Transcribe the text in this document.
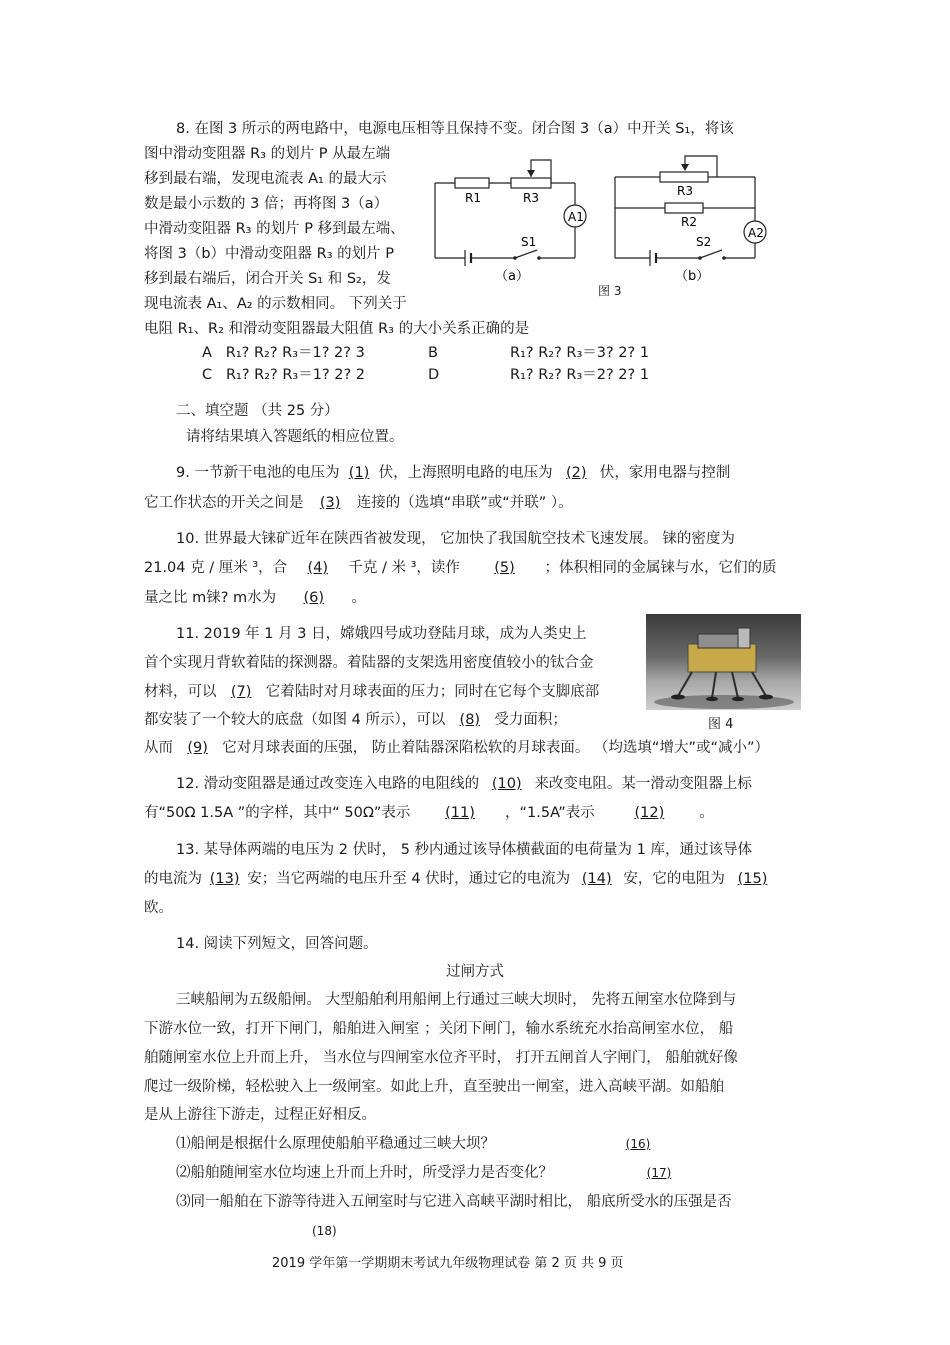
8. 在图 3 所示的两电路中，电源电压相等且保持不变。闭合图 3（a）中开关 S₁，将该
图中滑动变阻器 R₃ 的划片 P 从最左端
移到最右端，发现电流表 A₁ 的最大示
数是最小示数的 3 倍；再将图 3（a）
中滑动变阻器 R₃ 的划片 P 移到最左端、
将图 3（b）中滑动变阻器 R₃ 的划片 P
移到最右端后，闭合开关 S₁ 和 S₂，发
现电流表 A₁、A₂ 的示数相同。 下列关于
电阻 R₁、R₂ 和滑动变阻器最大阻值 R₃ 的大小关系正确的是
A R₁? R₂? R₃＝1? 2? 3	B	R₁? R₂? R₃＝3? 2? 1
C R₁? R₂? R₃＝1? 2? 2	D	R₁? R₂? R₃＝2? 2? 1
R1	R3
A1
S1
（a）
R3
R2
A2
S2
（b）
图 3
二、填空题 （共 25 分）
请将结果填入答题纸的相应位置。
9. 一节新干电池的电压为 (1) 伏，上海照明电路的电压为 (2) 伏，家用电器与控制
它工作状态的开关之间是 (3) 连接的（选填“串联”或“并联” ）。
10. 世界最大铼矿近年在陕西省被发现， 它加快了我国航空技术飞速发展。 铼的密度为
21.04 克 / 厘米 ³，合 (4) 千克 / 米 ³，读作 (5) ；体积相同的金属铼与水，它们的质
量之比 m铼? m水为 (6) 。
11. 2019 年 1 月 3 日，嫦娥四号成功登陆月球，成为人类史上
首个实现月背软着陆的探测器。着陆器的支架选用密度值较小的钛合金
材料，可以 (7) 它着陆时对月球表面的压力；同时在它每个支脚底部
都安装了一个较大的底盘（如图 4 所示），可以 (8) 受力面积；
从而 (9) 它对月球表面的压强， 防止着陆器深陷松软的月球表面。 （均选填“增大”或“减小”）
图 4
12. 滑动变阻器是通过改变连入电路的电阻线的 (10) 来改变电阻。某一滑动变阻器上标
有“50Ω 1.5A ”的字样，其中“ 50Ω”表示 (11) ，“1.5A”表示 (12) 。
13. 某导体两端的电压为 2 伏时， 5 秒内通过该导体横截面的电荷量为 1 库，通过该导体
的电流为 (13) 安；当它两端的电压升至 4 伏时，通过它的电流为 (14) 安，它的电阻为 (15)
欧。
14. 阅读下列短文，回答问题。
过闸方式
三峡船闸为五级船闸。 大型船舶利用船闸上行通过三峡大坝时， 先将五闸室水位降到与
下游水位一致，打开下闸门，船舶进入闸室 ；关闭下闸门，输水系统充水抬高闸室水位， 船
舶随闸室水位上升而上升， 当水位与四闸室水位齐平时， 打开五闸首人字闸门， 船舶就好像
爬过一级阶梯，轻松驶入上一级闸室。如此上升，直至驶出一闸室，进入高峡平湖。如船舶
是从上游往下游走，过程正好相反。
⑴船闸是根据什么原理使船舶平稳通过三峡大坝？	(16)
⑵船舶随闸室水位均速上升而上升时，所受浮力是否变化？	(17)
⑶同一船舶在下游等待进入五闸室时与它进入高峡平湖时相比， 船底所受水的压强是否
(18)
2019 学年第一学期期末考试九年级物理试卷 第 2 页 共 9 页
